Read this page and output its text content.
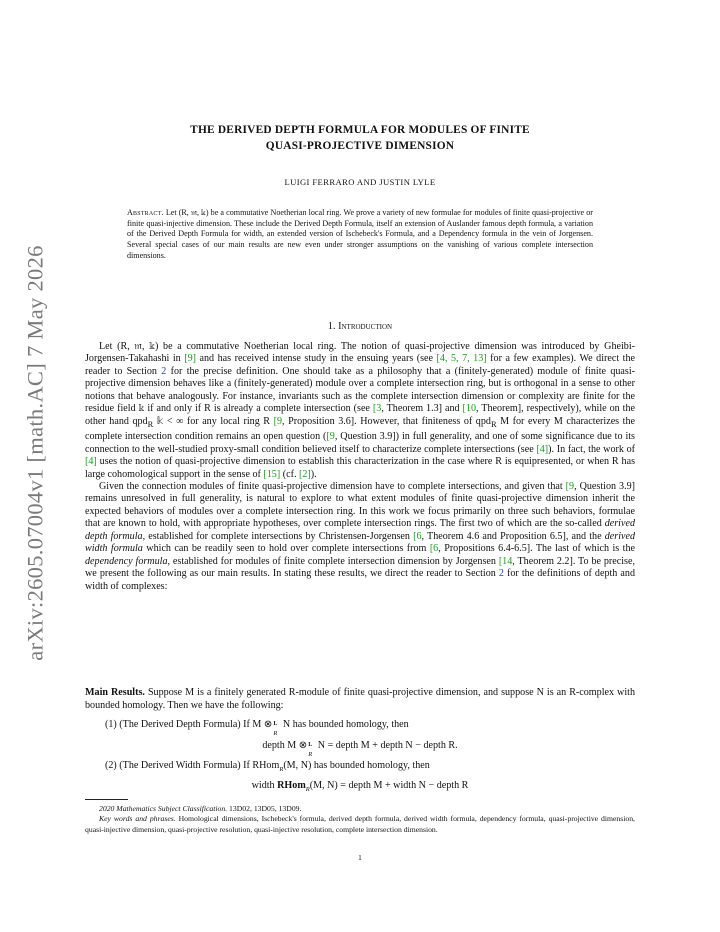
arXiv:2605.07004v1 [math.AC] 7 May 2026
THE DERIVED DEPTH FORMULA FOR MODULES OF FINITE
QUASI-PROJECTIVE DIMENSION
LUIGI FERRARO AND JUSTIN LYLE
Abstract. Let (R, 𝔪, 𝕜) be a commutative Noetherian local ring. We prove a variety of new formulae for modules of finite quasi-projective or finite quasi-injective dimension. These include the Derived Depth Formula, itself an extension of Auslander famous depth formula, a variation of the Derived Depth Formula for width, an extended version of Ischebeck's Formula, and a Dependency formula in the vein of Jorgensen. Several special cases of our main results are new even under stronger assumptions on the vanishing of various complete intersection dimensions.
1. Introduction

Let (R, 𝔪, 𝕜) be a commutative Noetherian local ring. The notion of quasi-projective dimension was introduced by Gheibi-Jorgensen-Takahashi in [9] and has received intense study in the ensuing years (see [4, 5, 7, 13] for a few examples). We direct the reader to Section 2 for the precise definition. One should take as a philosophy that a (finitely-generated) module of finite quasi-projective dimension behaves like a (finitely-generated) module over a complete intersection ring, but is orthogonal in a sense to other notions that behave analogously. For instance, invariants such as the complete intersection dimension or complexity are finite for the residue field 𝕜 if and only if R is already a complete intersection (see [3, Theorem 1.3] and [10, Theorem], respectively), while on the other hand qpd$_R$ 𝕜 < ∞ for any local ring R [9, Proposition 3.6]. However, that finiteness of qpd$_R$ M for every M characterizes the complete intersection condition remains an open question ([9, Question 3.9]) in full generality, and one of some significance due to its connection to the well-studied proxy-small condition believed itself to characterize complete intersections (see [4]). In fact, the work of [4] uses the notion of quasi-projective dimension to establish this characterization in the case where R is equipresented, or when R has large cohomological support in the sense of [15] (cf. [2]).

Given the connection modules of finite quasi-projective dimension have to complete intersections, and given that [9, Question 3.9] remains unresolved in full generality, is natural to explore to what extent modules of finite quasi-projective dimension inherit the expected behaviors of modules over a complete intersection ring. In this work we focus primarily on three such behaviors, formulae that are known to hold, with appropriate hypotheses, over complete intersection rings. The first two of which are the so-called derived depth formula, established for complete intersections by Christensen-Jorgensen [6, Theorem 4.6 and Proposition 6.5], and the derived width formula which can be readily seen to hold over complete intersections from [6, Propositions 6.4-6.5]. The last of which is the dependency formula, established for modules of finite complete intersection dimension by Jorgensen [14, Theorem 2.2]. To be precise, we present the following as our main results. In stating these results, we direct the reader to Section 2 for the definitions of depth and width of complexes:

Main Results. Suppose M is a finitely generated R-module of finite quasi-projective dimension, and suppose N is an R-complex with bounded homology. Then we have the following:
(1) (The Derived Depth Formula) If M ⊗ L
R
N has bounded homology, then
depth M ⊗ L
R
N = depth M + depth N − depth R.
(2) (The Derived Width Formula) If RHom$_R$(M, N) has bounded homology, then
width RHom$_R$(M, N) = depth M + width N − depth R

2020 Mathematics Subject Classification. 13D02, 13D05, 13D09.

Key words and phrases. Homological dimensions, Ischebeck's formula, derived depth formula, derived width formula, dependency formula, quasi-projective dimension, quasi-injective dimension, quasi-projective resolution, quasi-injective resolution, complete intersection dimension.

1
